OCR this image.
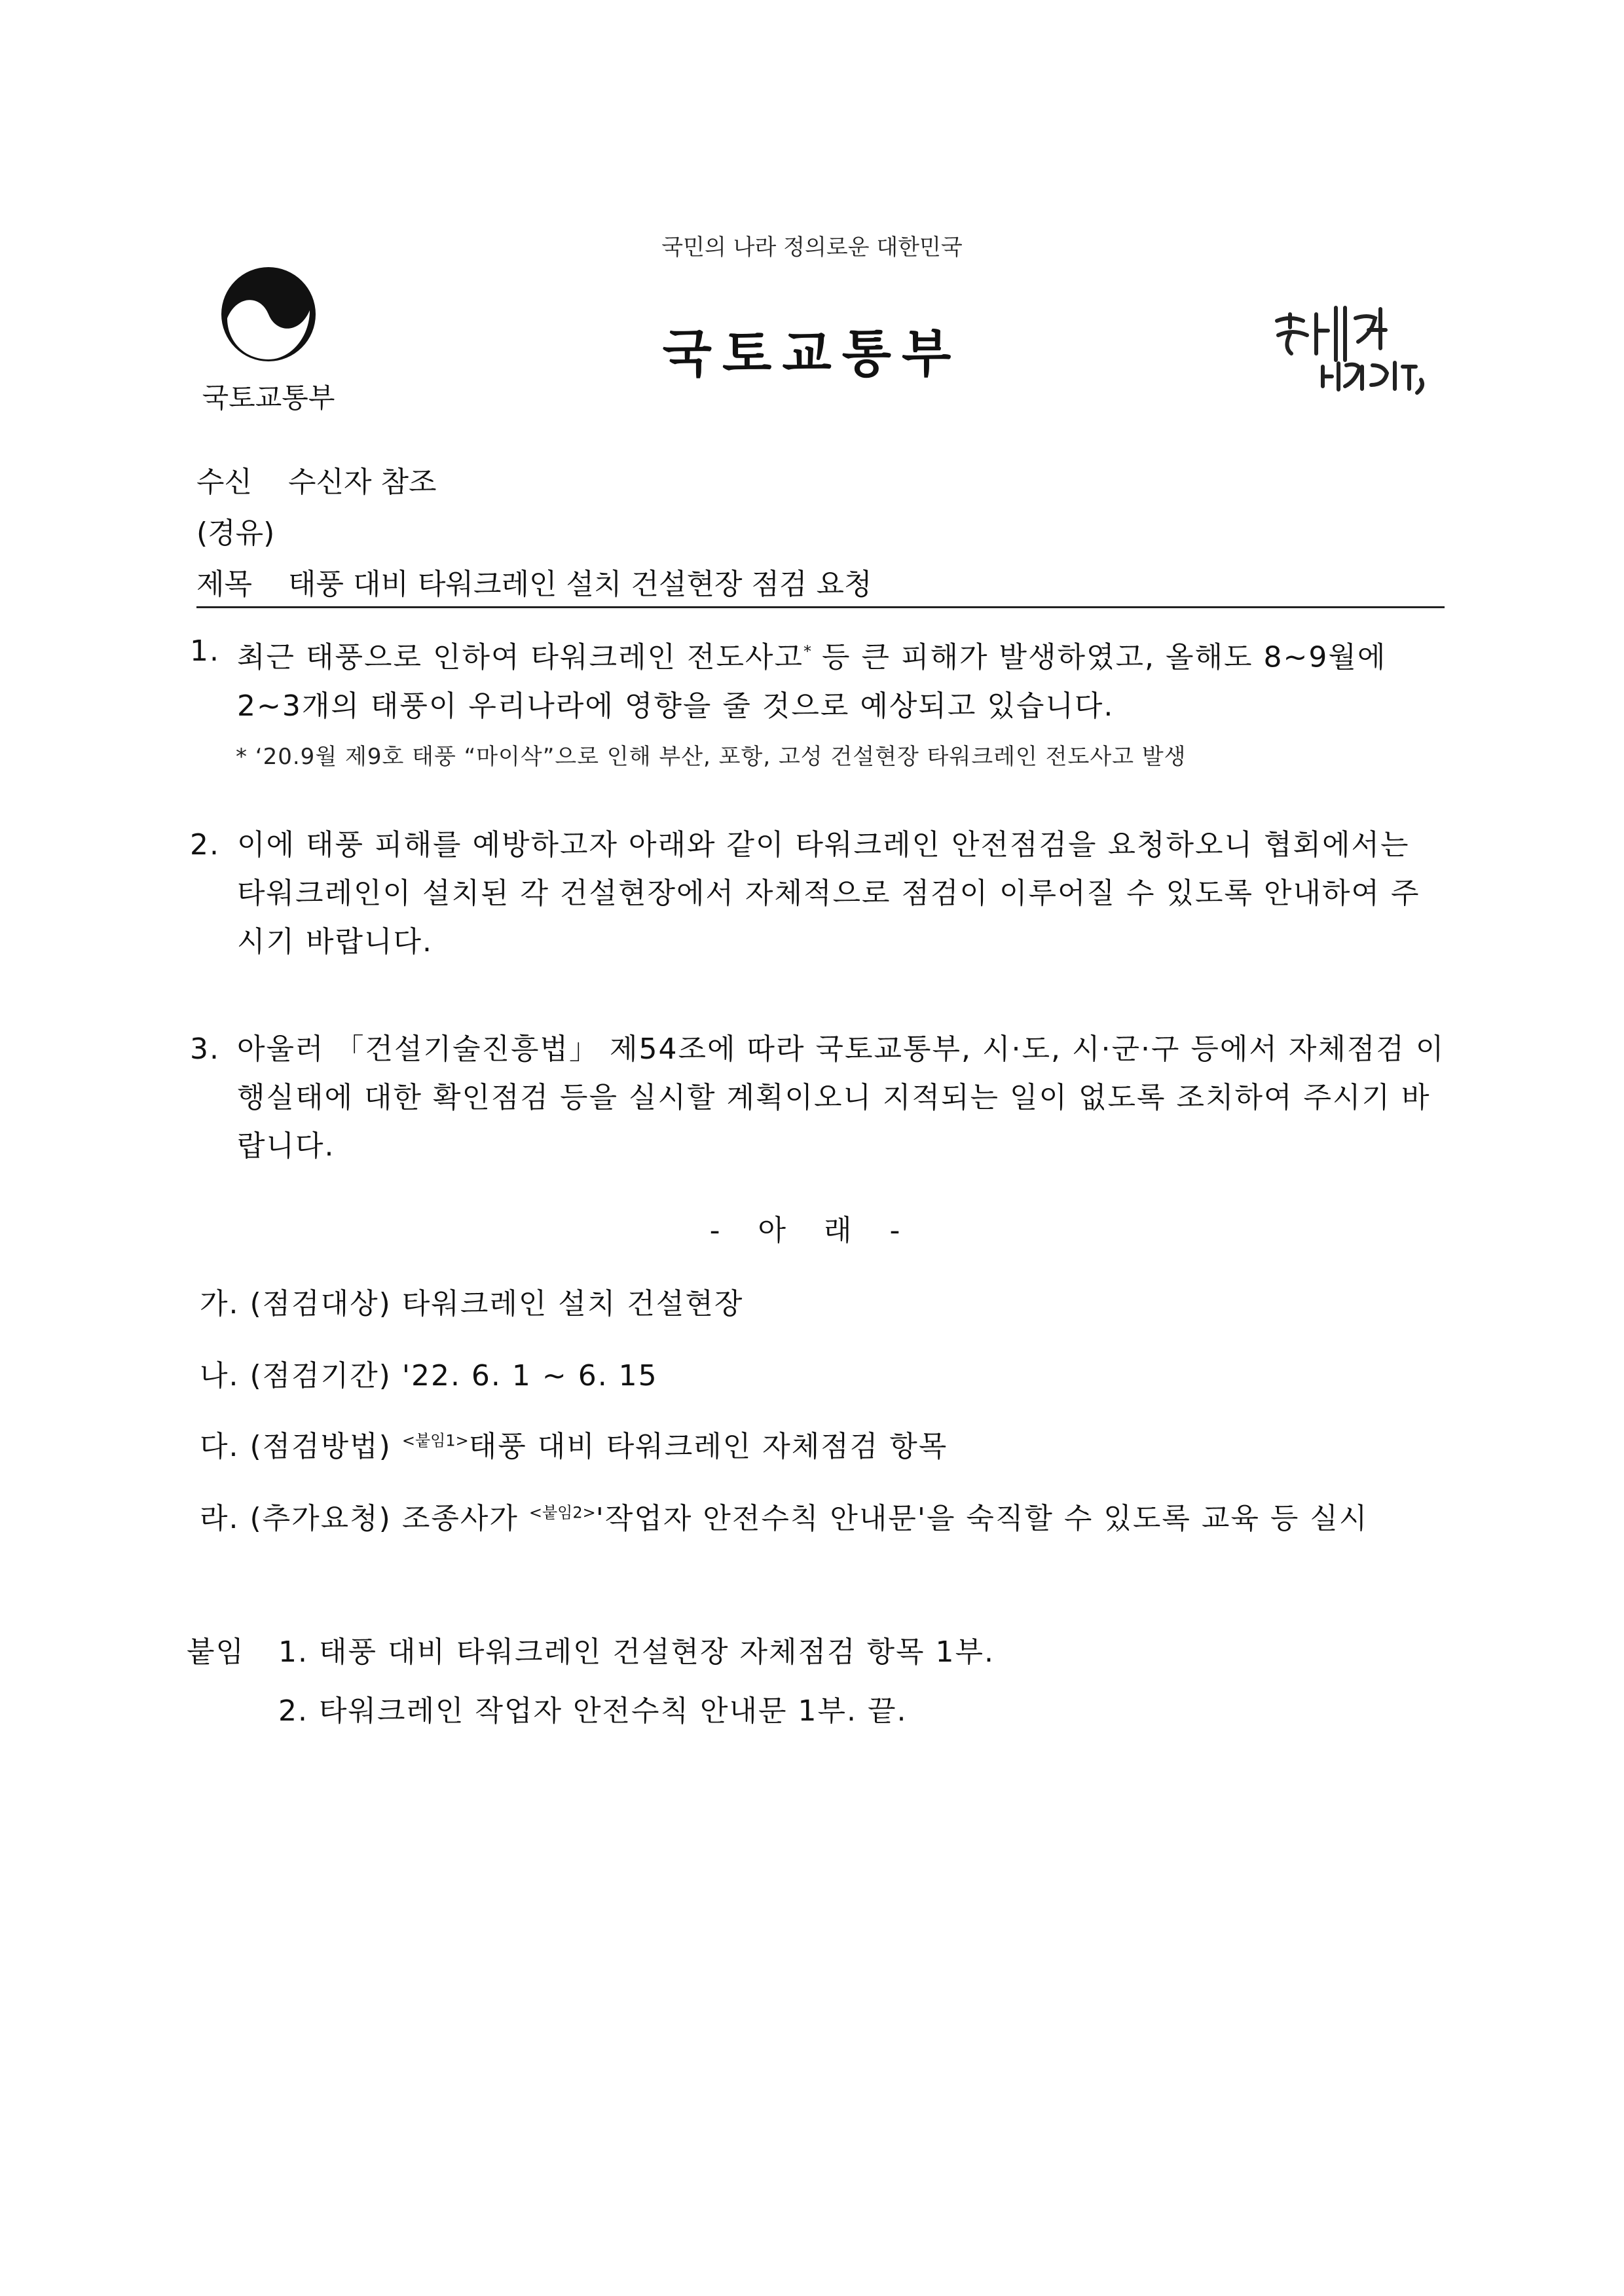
국민의 나라 정의로운 대한민국
국토교통부
국토교통부
수신 수신자 참조
(경유)
제목 태풍 대비 타워크레인 설치 건설현장 점검 요청
1. 최근 태풍으로 인하여 타워크레인 전도사고* 등 큰 피해가 발생하였고, 올해도 8~9월에 2~3개의 태풍이 우리나라에 영향을 줄 것으로 예상되고 있습니다.
* ‘20.9월 제9호 태풍 “마이삭”으로 인해 부산, 포항, 고성 건설현장 타워크레인 전도사고 발생
2. 이에 태풍 피해를 예방하고자 아래와 같이 타워크레인 안전점검을 요청하오니 협회에서는 타워크레인이 설치된 각 건설현장에서 자체적으로 점검이 이루어질 수 있도록 안내하여 주시기 바랍니다.
3. 아울러 「건설기술진흥법」 제54조에 따라 국토교통부, 시·도, 시·군·구 등에서 자체점검 이행실태에 대한 확인점검 등을 실시할 계획이오니 지적되는 일이 없도록 조치하여 주시기 바랍니다.
- 아 래 -
가. (점검대상) 타워크레인 설치 건설현장
나. (점검기간) '22. 6. 1 ~ 6. 15
다. (점검방법) $^{<붙임1>}$태풍 대비 타워크레인 자체점검 항목
라. (추가요청) 조종사가 $^{<붙임2>}$'작업자 안전수칙 안내문'을 숙직할 수 있도록 교육 등 실시
붙임 1. 태풍 대비 타워크레인 건설현장 자체점검 항목 1부.
2. 타워크레인 작업자 안전수칙 안내문 1부. 끝.
